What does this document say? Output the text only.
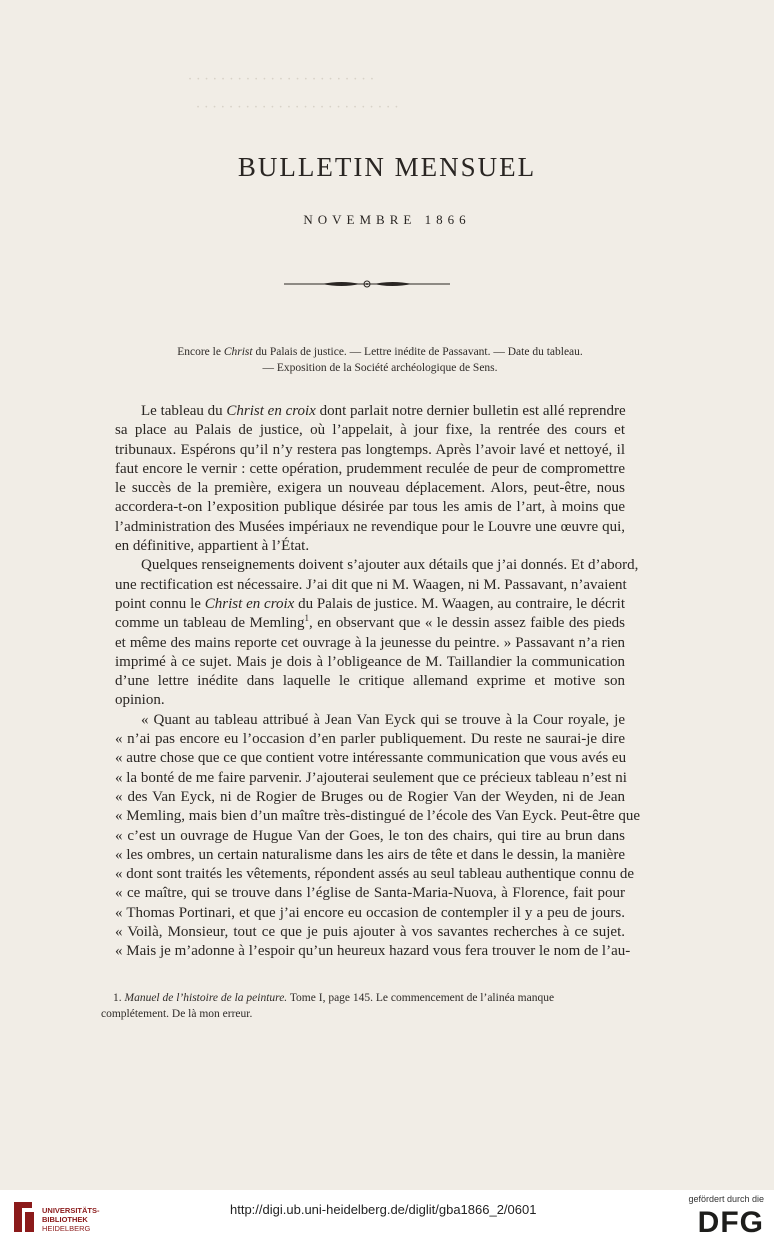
· · · · · · · · · · · · · · · · · · · · · · ·
· · · · · · · · · · · · · · · · · · · · · · · · ·
BULLETIN MENSUEL
NOVEMBRE 1866
Encore le Christ du Palais de justice. — Lettre inédite de Passavant. — Date du tableau.
— Exposition de la Société archéologique de Sens.
Le tableau du Christ en croix dont parlait notre dernier bulletin est allé reprendre
sa place au Palais de justice, où l’appelait, à jour fixe, la rentrée des cours et
tribunaux. Espérons qu’il n’y restera pas longtemps. Après l’avoir lavé et nettoyé, il
faut encore le vernir : cette opération, prudemment reculée de peur de compromettre
le succès de la première, exigera un nouveau déplacement. Alors, peut-être, nous
accordera-t-on l’exposition publique désirée par tous les amis de l’art, à moins que
l’administration des Musées impériaux ne revendique pour le Louvre une œuvre qui,
en définitive, appartient à l’État.
Quelques renseignements doivent s’ajouter aux détails que j’ai donnés. Et d’abord,
une rectification est nécessaire. J’ai dit que ni M. Waagen, ni M. Passavant, n’avaient
point connu le Christ en croix du Palais de justice. M. Waagen, au contraire, le décrit
comme un tableau de Memling$^1$, en observant que « le dessin assez faible des pieds
et même des mains reporte cet ouvrage à la jeunesse du peintre. » Passavant n’a rien
imprimé à ce sujet. Mais je dois à l’obligeance de M. Taillandier la communication
d’une lettre inédite dans laquelle le critique allemand exprime et motive son
opinion.
« Quant au tableau attribué à Jean Van Eyck qui se trouve à la Cour royale, je
« n’ai pas encore eu l’occasion d’en parler publiquement. Du reste ne saurai-je dire
« autre chose que ce que contient votre intéressante communication que vous avés eu
« la bonté de me faire parvenir. J’ajouterai seulement que ce précieux tableau n’est ni
« des Van Eyck, ni de Rogier de Bruges ou de Rogier Van der Weyden, ni de Jean
« Memling, mais bien d’un maître très-distingué de l’école des Van Eyck. Peut-être que
« c’est un ouvrage de Hugue Van der Goes, le ton des chairs, qui tire au brun dans
« les ombres, un certain naturalisme dans les airs de tête et dans le dessin, la manière
« dont sont traités les vêtements, répondent assés au seul tableau authentique connu de
« ce maître, qui se trouve dans l’église de Santa-Maria-Nuova, à Florence, fait pour
« Thomas Portinari, et que j’ai encore eu occasion de contempler il y a peu de jours.
« Voilà, Monsieur, tout ce que je puis ajouter à vos savantes recherches à ce sujet.
« Mais je m’adonne à l’espoir qu’un heureux hazard vous fera trouver le nom de l’au-
1. Manuel de l’histoire de la peinture. Tome I, page 145. Le commencement de l’alinéa manque
complétement. De là mon erreur.
UNIVERSITÄTS-
BIBLIOTHEK
HEIDELBERG
http://digi.ub.uni-heidelberg.de/diglit/gba1866_2/0601
gefördert durch die
DFG
